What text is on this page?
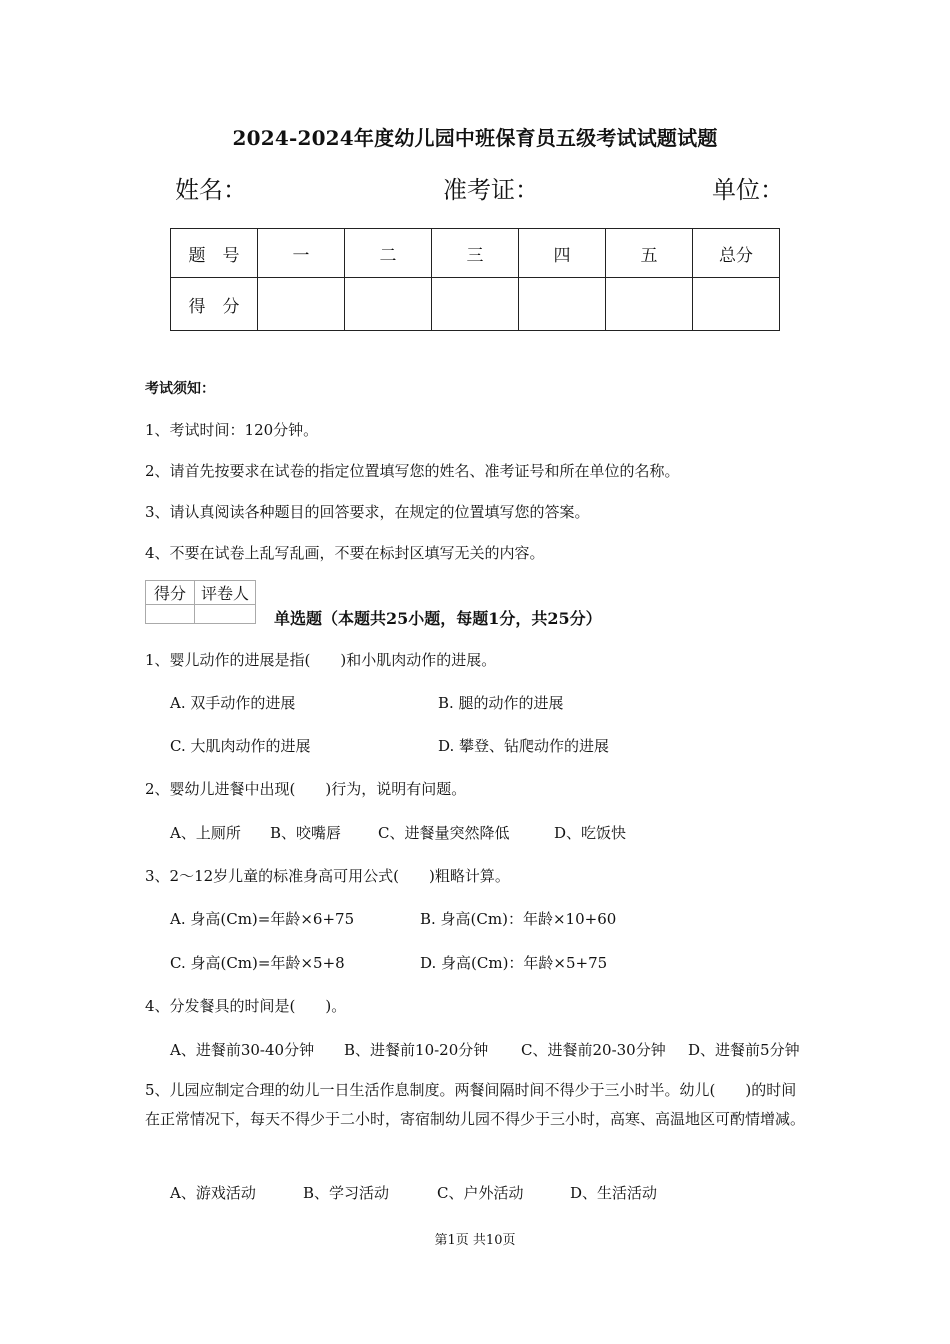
2024-2024年度幼儿园中班保育员五级考试试题试题
姓名：	准考证：	单位：
题　号	一	二	三	四	五	总分
得　分						
考试须知：
1、考试时间：120分钟。
2、请首先按要求在试卷的指定位置填写您的姓名、准考证号和所在单位的名称。
3、请认真阅读各种题目的回答要求，在规定的位置填写您的答案。
4、不要在试卷上乱写乱画，不要在标封区填写无关的内容。
得分	评卷人

单选题（本题共25小题，每题1分，共25分）
1、婴儿动作的进展是指(　　)和小肌肉动作的进展。
A. 双手动作的进展	B. 腿的动作的进展
C. 大肌肉动作的进展	D. 攀登、钻爬动作的进展
2、婴幼儿进餐中出现(　　)行为，说明有问题。
A、上厕所 B、咬嘴唇 C、进餐量突然降低	D、吃饭快
3、2～12岁儿童的标准身高可用公式(　　)粗略计算。
A. 身高(Cm)=年龄×6+75	B. 身高(Cm)：年龄×10+60
C. 身高(Cm)=年龄×5+8	D. 身高(Cm)：年龄×5+75
4、分发餐具的时间是(　　)。
A、进餐前30-40分钟 B、进餐前10-20分钟 C、进餐前20-30分钟 D、进餐前5分钟
5、儿园应制定合理的幼儿一日生活作息制度。两餐间隔时间不得少于三小时半。幼儿(　　)的时间在正常情况下，每天不得少于二小时，寄宿制幼儿园不得少于三小时，高寒、高温地区可酌情增减。
A、游戏活动	B、学习活动	C、户外活动	D、生活活动
第1页 共10页
